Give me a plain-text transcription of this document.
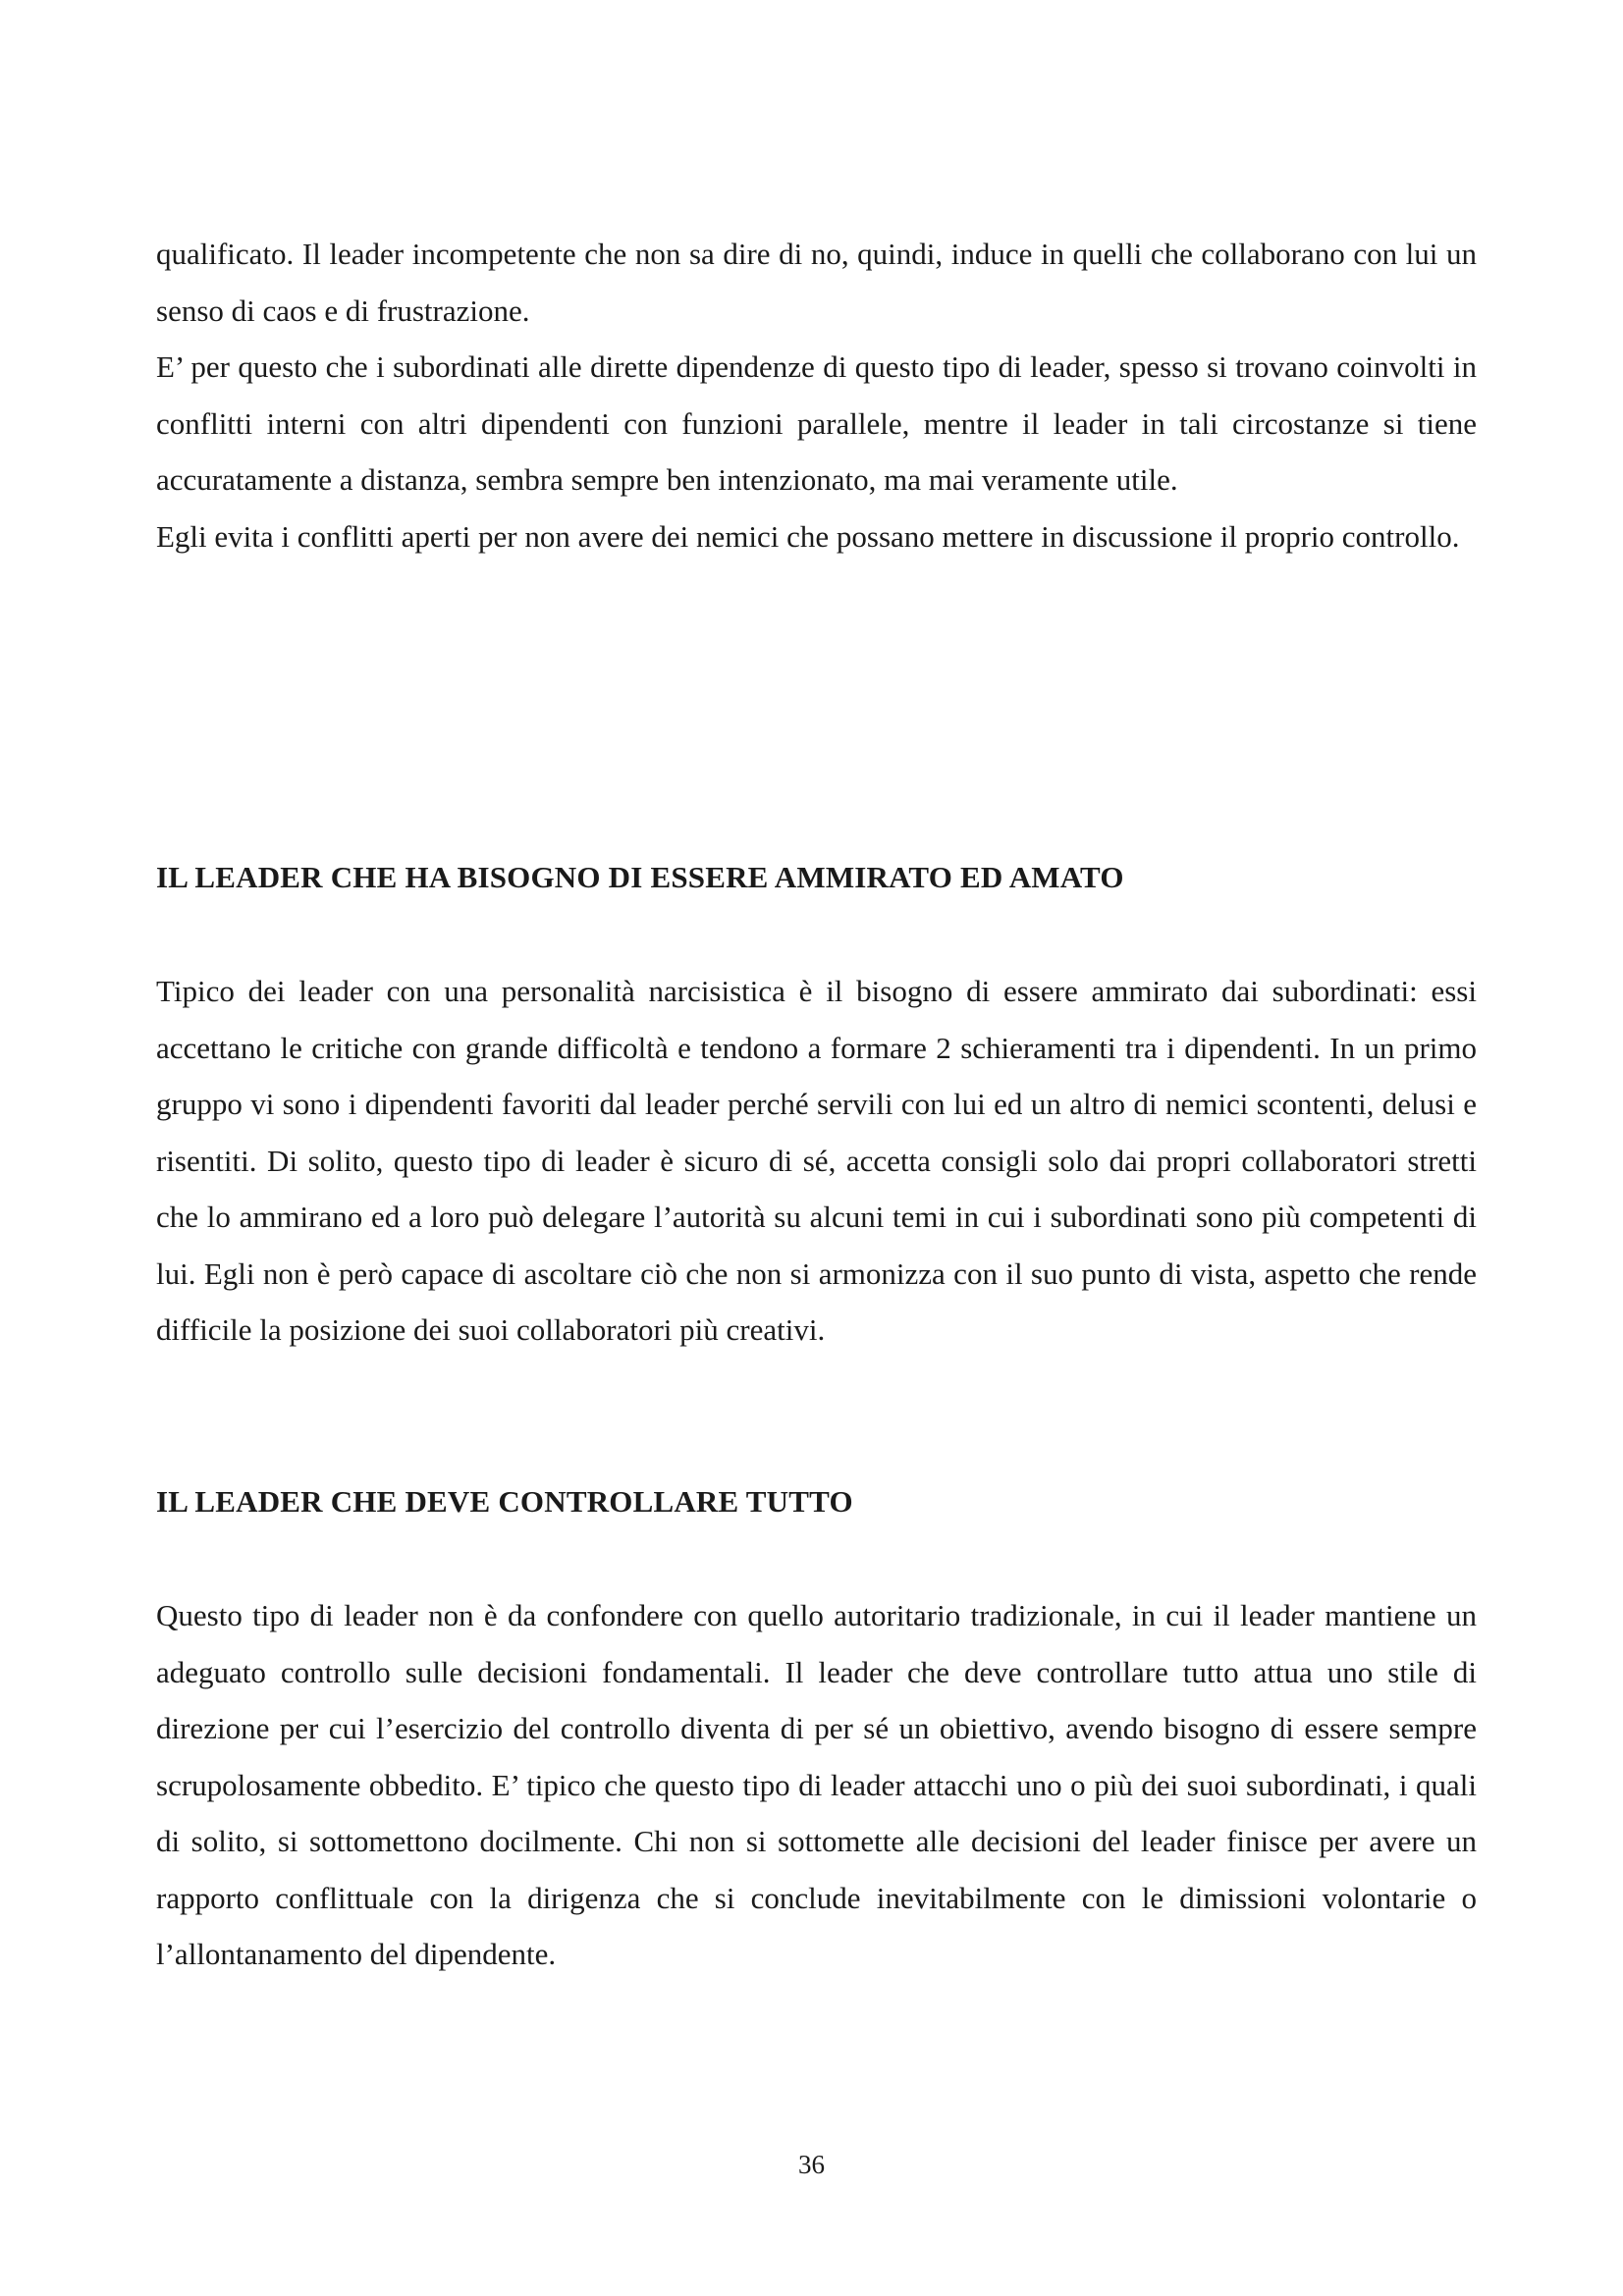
qualificato. Il leader incompetente che non sa dire di no, quindi, induce in quelli che collaborano con lui un senso di caos e di frustrazione.

E’ per questo che i subordinati alle dirette dipendenze di questo tipo di leader, spesso si trovano coinvolti in conflitti interni con altri dipendenti con funzioni parallele, mentre il leader in tali circostanze si tiene accuratamente a distanza, sembra sempre ben intenzionato, ma mai veramente utile.

Egli evita i conflitti aperti per non avere dei nemici che possano mettere in discussione il proprio controllo.

IL LEADER CHE HA BISOGNO DI ESSERE AMMIRATO ED AMATO

Tipico dei leader con una personalità narcisistica è il bisogno di essere ammirato dai subordinati: essi accettano le critiche con grande difficoltà e tendono a formare 2 schieramenti tra i dipendenti. In un primo gruppo vi sono i dipendenti favoriti dal leader perché servili con lui ed un altro di nemici scontenti, delusi e risentiti. Di solito, questo tipo di leader è sicuro di sé, accetta consigli solo dai propri collaboratori stretti che lo ammirano ed a loro può delegare l’autorità su alcuni temi in cui i subordinati sono più competenti di lui. Egli non è però capace di ascoltare ciò che non si armonizza con il suo punto di vista, aspetto che rende difficile la posizione dei suoi collaboratori più creativi.

IL LEADER CHE DEVE CONTROLLARE TUTTO

Questo tipo di leader non è da confondere con quello autoritario tradizionale, in cui il leader mantiene un adeguato controllo sulle decisioni fondamentali. Il leader che deve controllare tutto attua uno stile di direzione per cui l’esercizio del controllo diventa di per sé un obiettivo, avendo bisogno di essere sempre scrupolosamente obbedito. E’ tipico che questo tipo di leader attacchi uno o più dei suoi subordinati, i quali di solito, si sottomettono docilmente. Chi non si sottomette alle decisioni del leader finisce per avere un rapporto conflittuale con la dirigenza che si conclude inevitabilmente con le dimissioni volontarie o l’allontanamento del dipendente.

36
